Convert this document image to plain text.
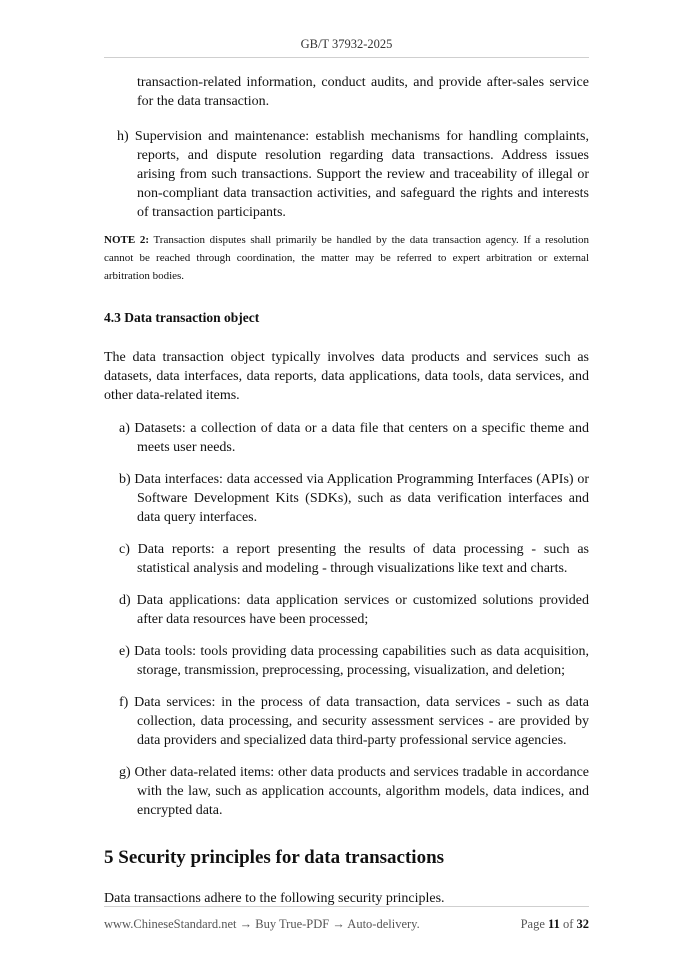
GB/T 37932-2025
transaction-related information, conduct audits, and provide after-sales service for the data transaction.
h) Supervision and maintenance: establish mechanisms for handling complaints, reports, and dispute resolution regarding data transactions. Address issues arising from such transactions. Support the review and traceability of illegal or non-compliant data transaction activities, and safeguard the rights and interests of transaction participants.
NOTE 2: Transaction disputes shall primarily be handled by the data transaction agency. If a resolution cannot be reached through coordination, the matter may be referred to expert arbitration or external arbitration bodies.
4.3 Data transaction object
The data transaction object typically involves data products and services such as datasets, data interfaces, data reports, data applications, data tools, data services, and other data-related items.
a) Datasets: a collection of data or a data file that centers on a specific theme and meets user needs.
b) Data interfaces: data accessed via Application Programming Interfaces (APIs) or Software Development Kits (SDKs), such as data verification interfaces and data query interfaces.
c) Data reports: a report presenting the results of data processing - such as statistical analysis and modeling - through visualizations like text and charts.
d) Data applications: data application services or customized solutions provided after data resources have been processed;
e) Data tools: tools providing data processing capabilities such as data acquisition, storage, transmission, preprocessing, processing, visualization, and deletion;
f) Data services: in the process of data transaction, data services - such as data collection, data processing, and security assessment services - are provided by data providers and specialized data third-party professional service agencies.
g) Other data-related items: other data products and services tradable in accordance with the law, such as application accounts, algorithm models, data indices, and encrypted data.
5 Security principles for data transactions
Data transactions adhere to the following security principles.
www.ChineseStandard.net → Buy True-PDF → Auto-delivery.	Page 11 of 32
